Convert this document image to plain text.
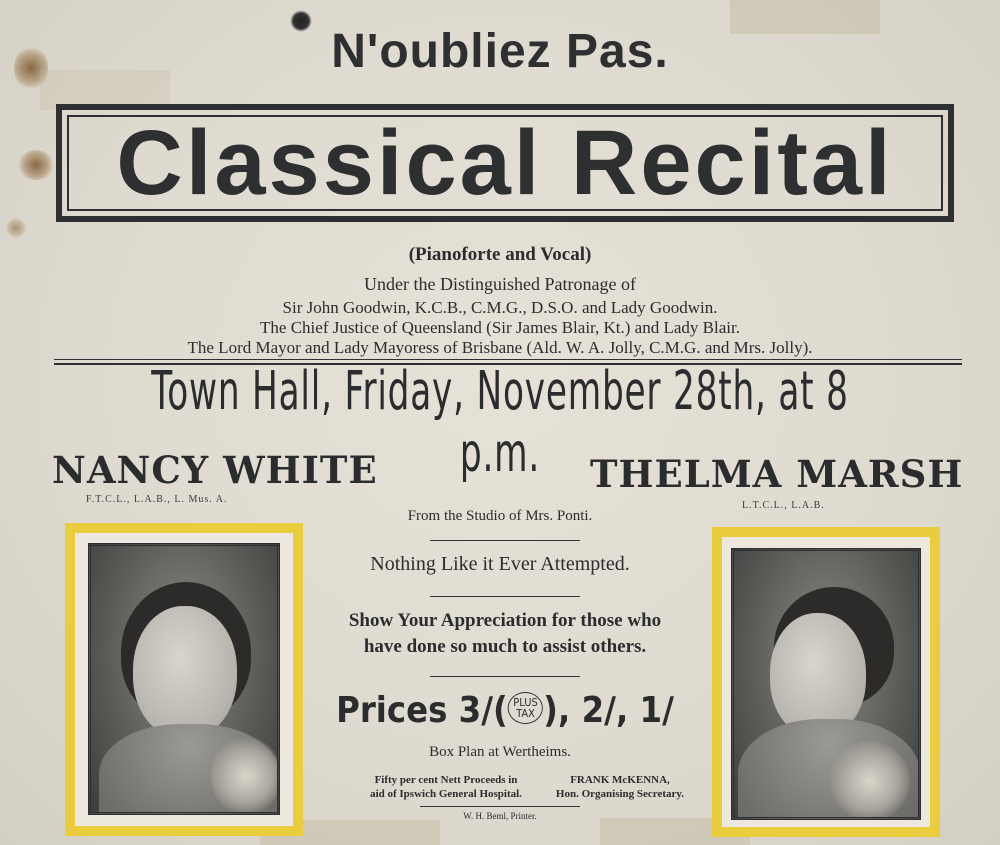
N'oubliez Pas.
Classical Recital
(Pianoforte and Vocal)
Under the Distinguished Patronage of
Sir John Goodwin, K.C.B., C.M.G., D.S.O. and Lady Goodwin.
The Chief Justice of Queensland (Sir James Blair, Kt.) and Lady Blair.
The Lord Mayor and Lady Mayoress of Brisbane (Ald. W. A. Jolly, C.M.G. and Mrs. Jolly).
Town Hall, Friday, November 28th, at 8 p.m.
NANCY WHITE
F.T.C.L., L.A.B., L. Mus. A.
THELMA MARSH
L.T.C.L., L.A.B.
From the Studio of Mrs. Ponti.
Nothing Like it Ever Attempted.
Show Your Appreciation for those who
have done so much to assist others.
Prices 3/( PLUS
TAX ), 2/, 1/
Box Plan at Wertheims.
Fifty per cent Nett Proceeds in
aid of Ipswich General Hospital.
FRANK McKENNA,
Hon. Organising Secretary.
W. H. Beml, Printer.
